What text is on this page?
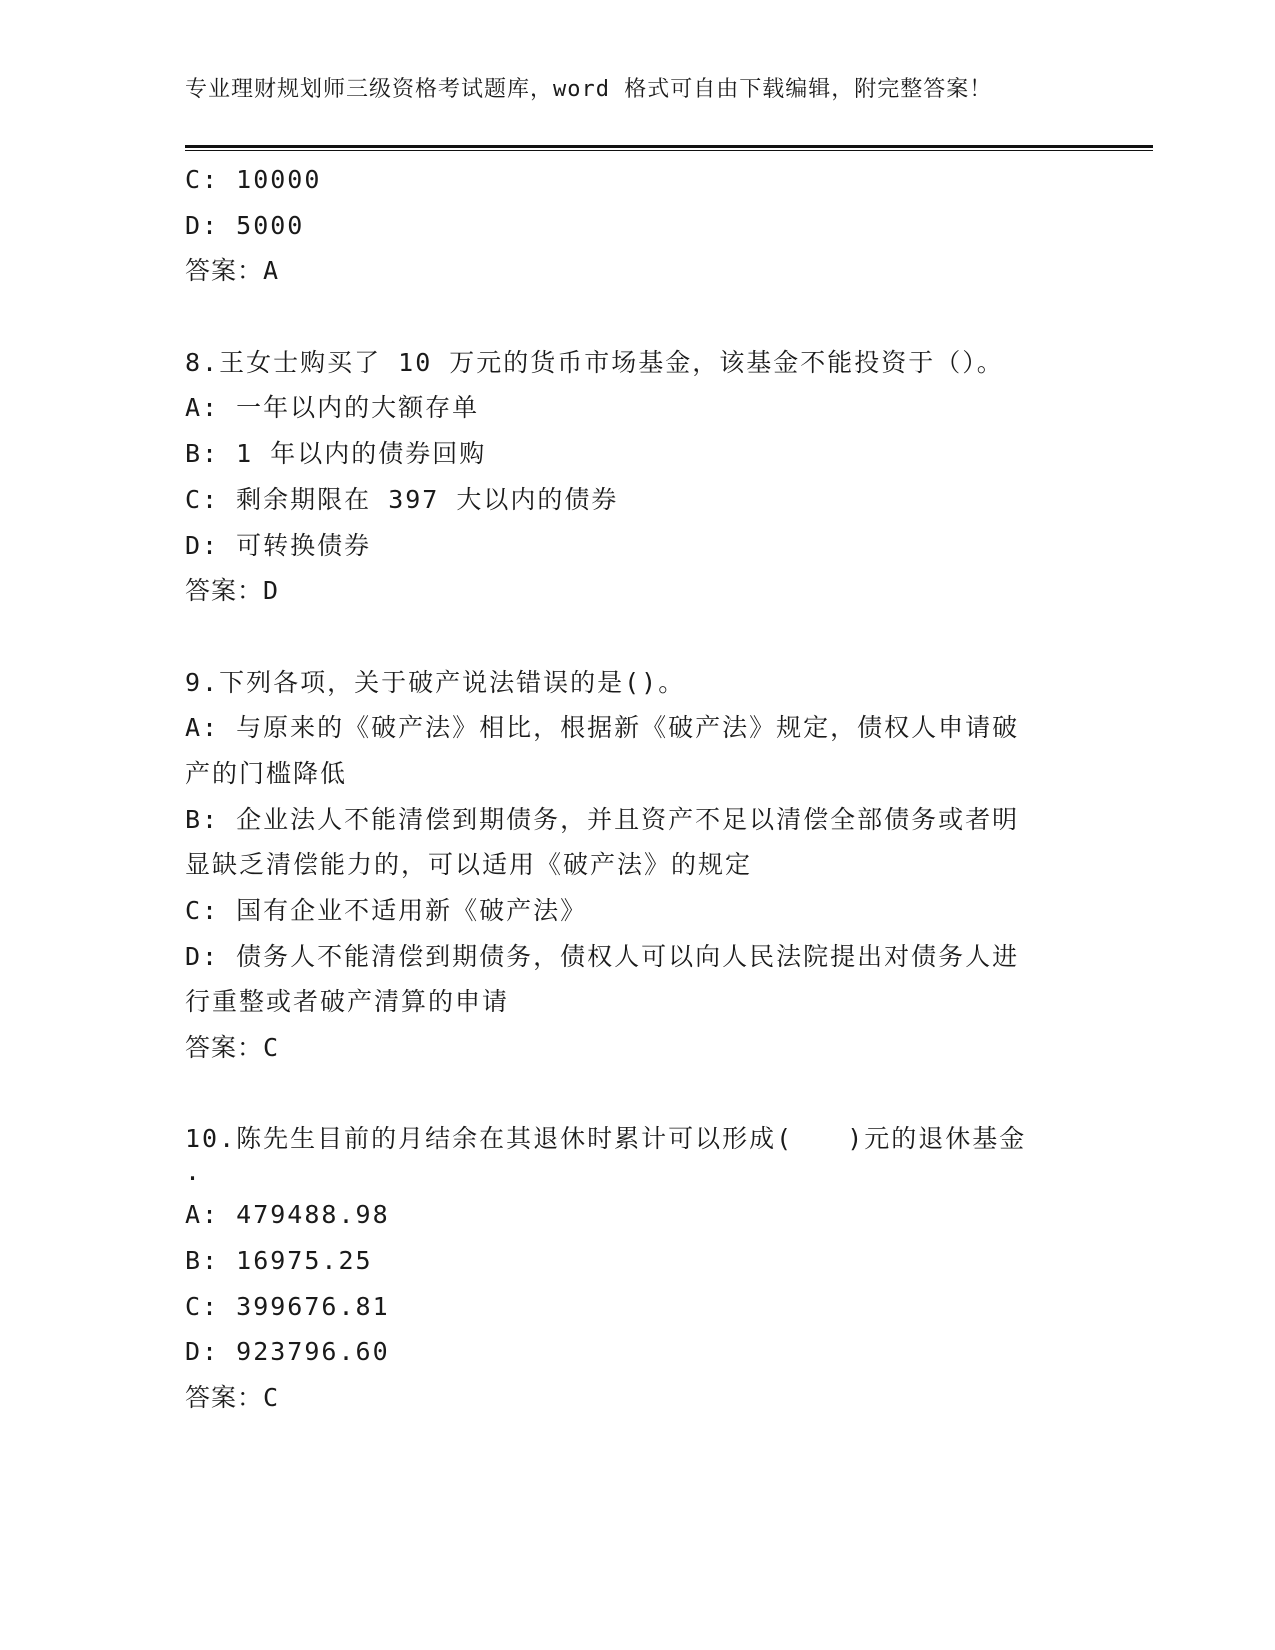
专业理财规划师三级资格考试题库，word 格式可自由下载编辑，附完整答案！
C: 10000
D: 5000
答案：A
8.王女士购买了 10 万元的货币市场基金，该基金不能投资于（）。
A: 一年以内的大额存单
B: 1 年以内的债券回购
C: 剩余期限在 397 大以内的债券
D: 可转换债券
答案：D
9.下列各项，关于破产说法错误的是()。
A: 与原来的《破产法》相比，根据新《破产法》规定，债权人申请破
产的门槛降低
B: 企业法人不能清偿到期债务，并且资产不足以清偿全部债务或者明
显缺乏清偿能力的，可以适用《破产法》的规定
C: 国有企业不适用新《破产法》
D: 债务人不能清偿到期债务，债权人可以向人民法院提出对债务人进
行重整或者破产清算的申请
答案：C
10.陈先生目前的月结余在其退休时累计可以形成(　　)元的退休基金
.
A: 479488.98
B: 16975.25
C: 399676.81
D: 923796.60
答案：C
